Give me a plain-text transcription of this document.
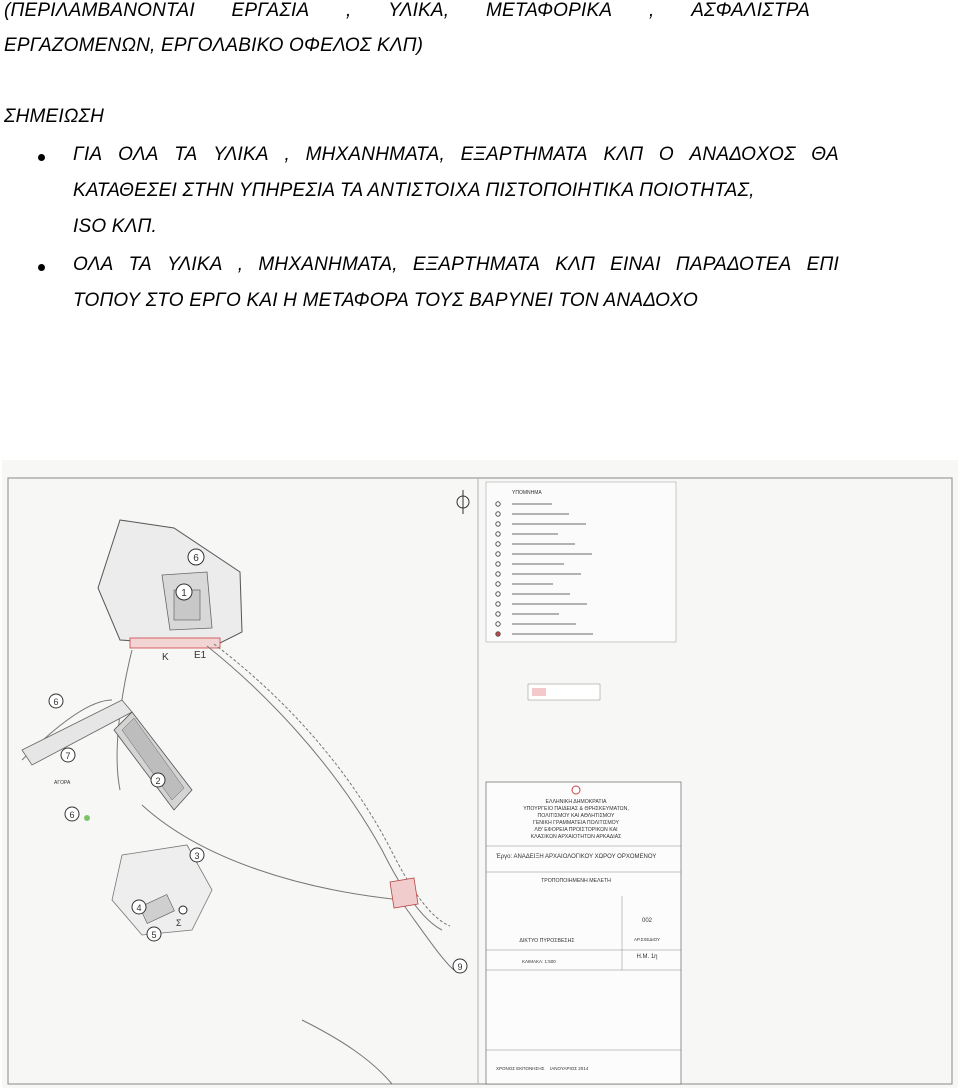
(ΠΕΡΙΛΑΜΒΑΝΟΝΤΑΙ ΕΡΓΑΣΙΑ , ΥΛΙΚΑ, ΜΕΤΑΦΟΡΙΚΑ , ΑΣΦΑΛΙΣΤΡΑ
ΕΡΓΑΖΟΜΕΝΩΝ, ΕΡΓΟΛΑΒΙΚΟ ΟΦΕΛΟΣ ΚΛΠ)
ΣΗΜΕΙΩΣΗ
ΓΙΑ ΟΛΑ ΤΑ ΥΛΙΚΑ , ΜΗΧΑΝΗΜΑΤΑ, ΕΞΑΡΤΗΜΑΤΑ ΚΛΠ Ο ΑΝΑΔΟΧΟΣ ΘΑ
ΚΑΤΑΘΕΣΕΙ ΣΤΗΝ ΥΠΗΡΕΣΙΑ ΤΑ ΑΝΤΙΣΤΟΙΧΑ ΠΙΣΤΟΠΟΙΗΤΙΚΑ ΠΟΙΟΤΗΤΑΣ,
ISO ΚΛΠ.
ΟΛΑ ΤΑ ΥΛΙΚΑ , ΜΗΧΑΝΗΜΑΤΑ, ΕΞΑΡΤΗΜΑΤΑ ΚΛΠ ΕΙΝΑΙ ΠΑΡΑΔΟΤΕΑ ΕΠΙ
ΤΟΠΟΥ ΣΤΟ ΕΡΓΟ ΚΑΙ Η ΜΕΤΑΦΟΡΑ ΤΟΥΣ ΒΑΡΥΝΕΙ ΤΟΝ ΑΝΑΔΟΧΟ
6
1
Κ	Ε1
6
7
ΑΓΟΡΑ
6
2
3
4
5
Σ
9
ΥΠΟΜΝΗΜΑ
ΕΛΛΗΝΙΚΗ ΔΗΜΟΚΡΑΤΙΑ
ΥΠΟΥΡΓΕΙΟ ΠΑΙΔΕΙΑΣ & ΘΡΗΣΚΕΥΜΑΤΩΝ,
ΠΟΛΙΤΙΣΜΟΥ ΚΑΙ ΑΘΛΗΤΙΣΜΟΥ
ΓΕΝΙΚΗ ΓΡΑΜΜΑΤΕΙΑ ΠΟΛΙΤΙΣΜΟΥ
ΛΘ' ΕΦΟΡΕΙΑ ΠΡΟΙΣΤΟΡΙΚΩΝ ΚΑΙ
ΚΛΑΣΙΚΩΝ ΑΡΧΑΙΟΤΗΤΩΝ ΑΡΚΑΔΙΑΣ
Έργο: ΑΝΑΔΕΙΞΗ ΑΡΧΑΙΟΛΟΓΙΚΟΥ ΧΩΡΟΥ ΟΡΧΟΜΕΝΟΥ
ΤΡΟΠΟΠΟΙΗΜΕΝΗ ΜΕΛΕΤΗ
ΔΙΚΤΥΟ ΠΥΡΟΣΒΕΣΗΣ
002
ΑΡ.ΣΧΕΔΙΟΥ
Η.Μ. 1η
ΚΛΙΜΑΚΑ: 1:500
ΧΡΟΝΟΣ ΕΚΠΟΝΗΣΗΣ ΙΑΝΟΥΑΡΙΟΣ 2014
